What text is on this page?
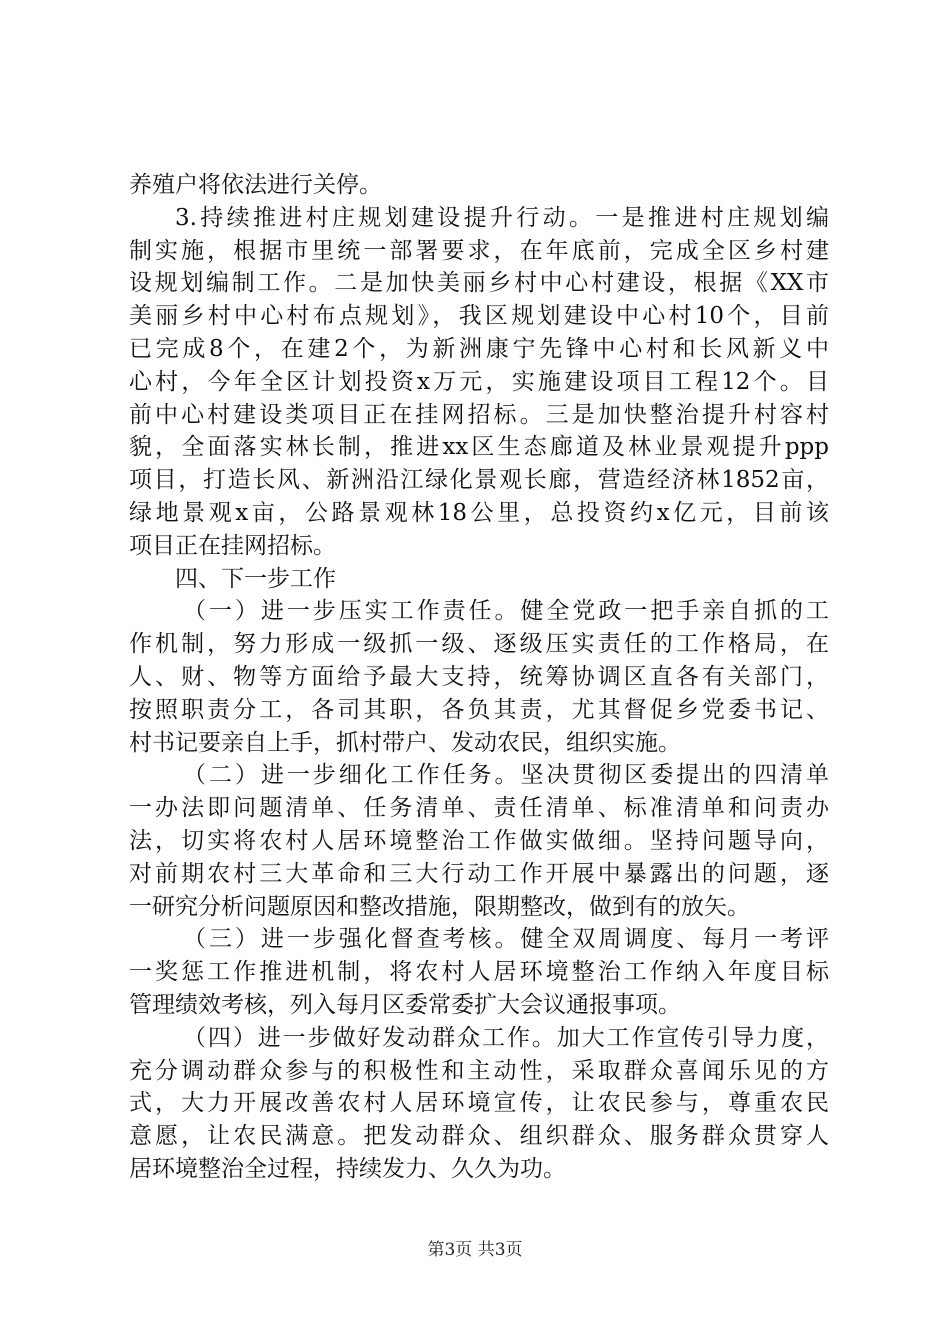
养殖户将依法进行关停。
3.持续推进村庄规划建设提升行动。一是推进村庄规划编
制实施，根据市里统一部署要求，在年底前，完成全区乡村建
设规划编制工作。二是加快美丽乡村中心村建设，根据《XX市
美丽乡村中心村布点规划》，我区规划建设中心村10个，目前
已完成8个，在建2个，为新洲康宁先锋中心村和长风新义中
心村，今年全区计划投资x万元，实施建设项目工程12个。目
前中心村建设类项目正在挂网招标。三是加快整治提升村容村
貌，全面落实林长制，推进xx区生态廊道及林业景观提升ppp
项目，打造长风、新洲沿江绿化景观长廊，营造经济林1852亩，
绿地景观x亩，公路景观林18公里，总投资约x亿元，目前该
项目正在挂网招标。
四、下一步工作
（一）进一步压实工作责任。健全党政一把手亲自抓的工
作机制，努力形成一级抓一级、逐级压实责任的工作格局，在
人、财、物等方面给予最大支持，统筹协调区直各有关部门，
按照职责分工，各司其职，各负其责，尤其督促乡党委书记、
村书记要亲自上手，抓村带户、发动农民，组织实施。
（二）进一步细化工作任务。坚决贯彻区委提出的四清单
一办法即问题清单、任务清单、责任清单、标准清单和问责办
法，切实将农村人居环境整治工作做实做细。坚持问题导向，
对前期农村三大革命和三大行动工作开展中暴露出的问题，逐
一研究分析问题原因和整改措施，限期整改，做到有的放矢。
（三）进一步强化督查考核。健全双周调度、每月一考评
一奖惩工作推进机制，将农村人居环境整治工作纳入年度目标
管理绩效考核，列入每月区委常委扩大会议通报事项。
（四）进一步做好发动群众工作。加大工作宣传引导力度，
充分调动群众参与的积极性和主动性，采取群众喜闻乐见的方
式，大力开展改善农村人居环境宣传，让农民参与，尊重农民
意愿，让农民满意。把发动群众、组织群众、服务群众贯穿人
居环境整治全过程，持续发力、久久为功。
第3页 共3页
